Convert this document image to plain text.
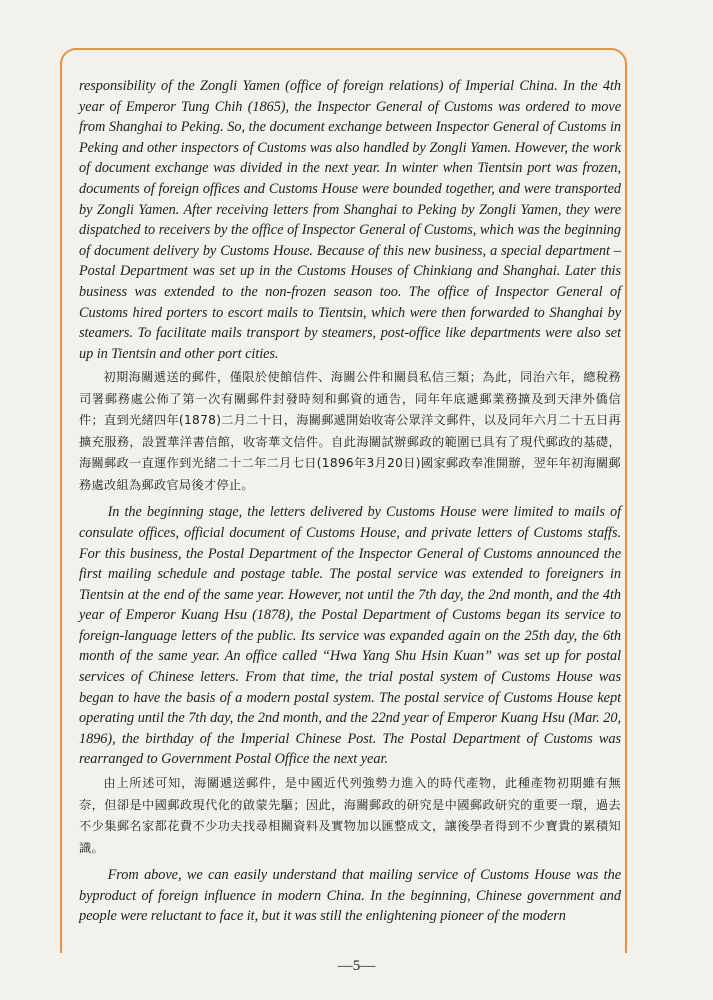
responsibility of the Zongli Yamen (office of foreign relations) of Imperial China. In the 4th year of Emperor Tung Chih (1865), the Inspector General of Customs was ordered to move from Shanghai to Peking. So, the document exchange between Inspector General of Customs in Peking and other inspectors of Customs was also handled by Zongli Yamen. However, the work of document exchange was divided in the next year. In winter when Tientsin port was frozen, documents of foreign offices and Customs House were bounded together, and were transported by Zongli Yamen. After receiving letters from Shanghai to Peking by Zongli Yamen, they were dispatched to receivers by the office of Inspector General of Customs, which was the beginning of document delivery by Customs House. Because of this new business, a special department – Postal Department was set up in the Customs Houses of Chinkiang and Shanghai. Later this business was extended to the non-frozen season too. The office of Inspector General of Customs hired porters to escort mails to Tientsin, which were then forwarded to Shanghai by steamers. To facilitate mails transport by steamers, post-office like departments were also set up in Tientsin and other port cities.

初期海關遞送的郵件，僅限於使館信件、海關公件和關員私信三類；為此，同治六年，總稅務司署郵務處公佈了第一次有關郵件封發時刻和郵資的通告，同年年底遞郵業務擴及到天津外僑信件；直到光緒四年(1878)二月二十日，海關郵遞開始收寄公眾洋文郵件，以及同年六月二十五日再擴充服務，設置華洋書信館，收寄華文信件。自此海關試辦郵政的範圍已具有了現代郵政的基礎，海關郵政一直運作到光緒二十二年二月七日(1896年3月20日)國家郵政奉准開辦，翌年年初海關郵務處改組為郵政官局後才停止。

In the beginning stage, the letters delivered by Customs House were limited to mails of consulate offices, official document of Customs House, and private letters of Customs staffs. For this business, the Postal Department of the Inspector General of Customs announced the first mailing schedule and postage table. The postal service was extended to foreigners in Tientsin at the end of the same year. However, not until the 7th day, the 2nd month, and the 4th year of Emperor Kuang Hsu (1878), the Postal Department of Customs began its service to foreign-language letters of the public. Its service was expanded again on the 25th day, the 6th month of the same year. An office called “Hwa Yang Shu Hsin Kuan” was set up for postal services of Chinese letters. From that time, the trial postal system of Customs House was began to have the basis of a modern postal system. The postal service of Customs House kept operating until the 7th day, the 2nd month, and the 22nd year of Emperor Kuang Hsu (Mar. 20, 1896), the birthday of the Imperial Chinese Post. The Postal Department of Customs was rearranged to Government Postal Office the next year.

由上所述可知，海關遞送郵件，是中國近代列強勢力進入的時代產物，此種產物初期雖有無奈，但卻是中國郵政現代化的啟蒙先驅；因此，海關郵政的研究是中國郵政研究的重要一環，過去不少集郵名家都花費不少功夫找尋相關資料及實物加以匯整成文，讓後學者得到不少寶貴的累積知識。

From above, we can easily understand that mailing service of Customs House was the byproduct of foreign influence in modern China. In the beginning, Chinese government and people were reluctant to face it, but it was still the enlightening pioneer of the modern

—5—
